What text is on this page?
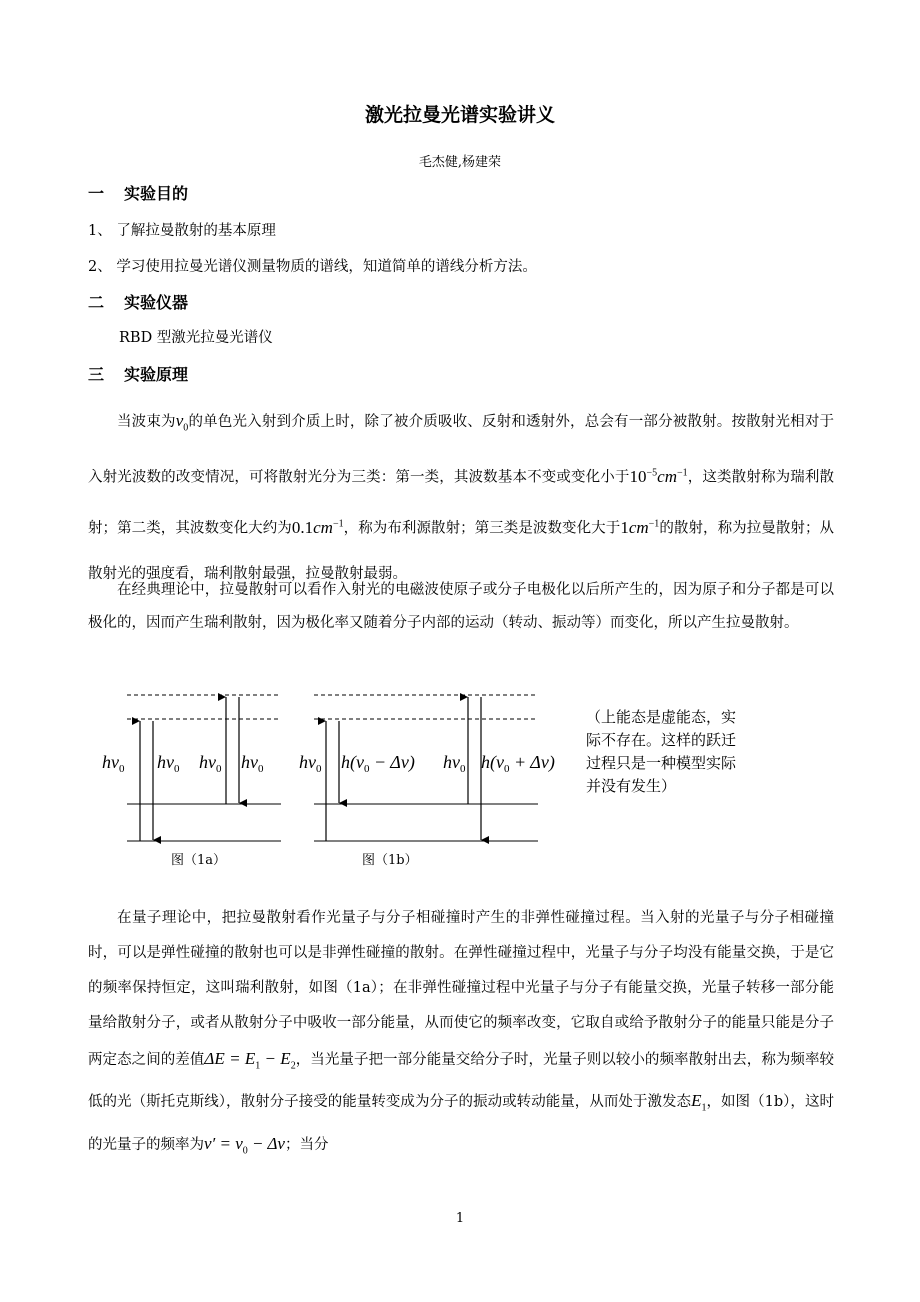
激光拉曼光谱实验讲义
毛杰健,杨建荣
一 实验目的
1、 了解拉曼散射的基本原理
2、 学习使用拉曼光谱仪测量物质的谱线，知道简单的谱线分析方法。
二 实验仪器
RBD 型激光拉曼光谱仪
三 实验原理
当波束为$\nu_0$的单色光入射到介质上时，除了被介质吸收、反射和透射外，总会有一部分被散射。按散射光相对于入射光波数的改变情况，可将散射光分为三类：第一类，其波数基本不变或变化小于$10^{-5}cm^{-1}$，这类散射称为瑞利散射；第二类，其波数变化大约为$0.1cm^{-1}$，称为布利源散射；第三类是波数变化大于$1cm^{-1}$的散射，称为拉曼散射；从散射光的强度看，瑞利散射最强，拉曼散射最弱。
在经典理论中，拉曼散射可以看作入射光的电磁波使原子或分子电极化以后所产生的，因为原子和分子都是可以极化的，因而产生瑞利散射，因为极化率又随着分子内部的运动（转动、振动等）而变化，所以产生拉曼散射。
$h\nu_0$ $h\nu_0$ $h\nu_0$ $h\nu_0$ $h\nu_0$ $h(\nu_0 - \Delta\nu)$ $h\nu_0$ $h(\nu_0 + \Delta\nu)$
图（1a）	图（1b）
（上能态是虚能态，实际不存在。这样的跃迁过程只是一种模型实际并没有发生）
在量子理论中，把拉曼散射看作光量子与分子相碰撞时产生的非弹性碰撞过程。当入射的光量子与分子相碰撞时，可以是弹性碰撞的散射也可以是非弹性碰撞的散射。在弹性碰撞过程中，光量子与分子均没有能量交换，于是它的频率保持恒定，这叫瑞利散射，如图（1a）；在非弹性碰撞过程中光量子与分子有能量交换，光量子转移一部分能量给散射分子，或者从散射分子中吸收一部分能量，从而使它的频率改变，它取自或给予散射分子的能量只能是分子两定态之间的差值$\Delta E = E_1 - E_2$，当光量子把一部分能量交给分子时，光量子则以较小的频率散射出去，称为频率较低的光（斯托克斯线），散射分子接受的能量转变成为分子的振动或转动能量，从而处于激发态$E_1$，如图（1b），这时的光量子的频率为$\nu' = \nu_0 - \Delta\nu$；当分
1
